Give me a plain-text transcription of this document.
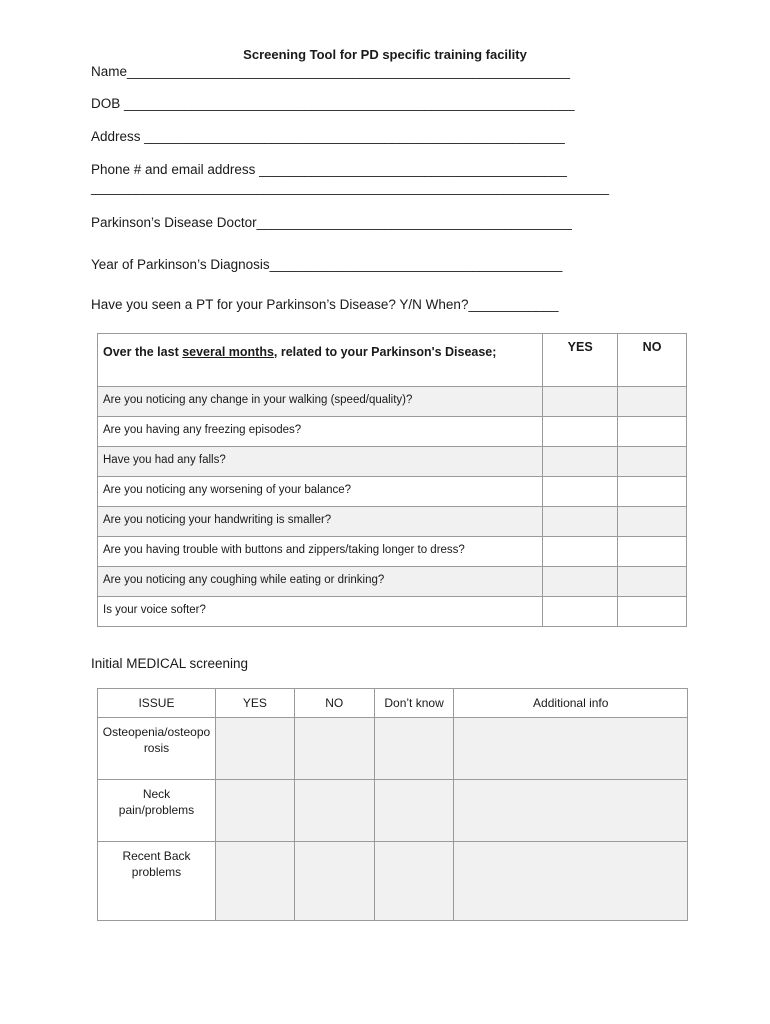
Screening Tool for PD specific training facility
Name___________________________________________________________
DOB ____________________________________________________________
Address ________________________________________________________
Phone # and email address _________________________________________
_____________________________________________________________________
Parkinson’s Disease Doctor__________________________________________
Year of Parkinson’s Diagnosis_______________________________________
Have you seen a PT for your Parkinson’s Disease? Y/N When?____________
Over the last several months, related to your Parkinson's Disease;	YES	NO
Are you noticing any change in your walking (speed/quality)?		
Are you having any freezing episodes?		
Have you had any falls?		
Are you noticing any worsening of your balance?		
Are you noticing your handwriting is smaller?		
Are you having trouble with buttons and zippers/taking longer to dress?		
Are you noticing any coughing while eating or drinking?		
Is your voice softer?		
Initial MEDICAL screening
ISSUE	YES	NO	Don’t know	Additional info

Osteopenia/osteoporosis				

Neck pain/problems				

Recent Back problems				
